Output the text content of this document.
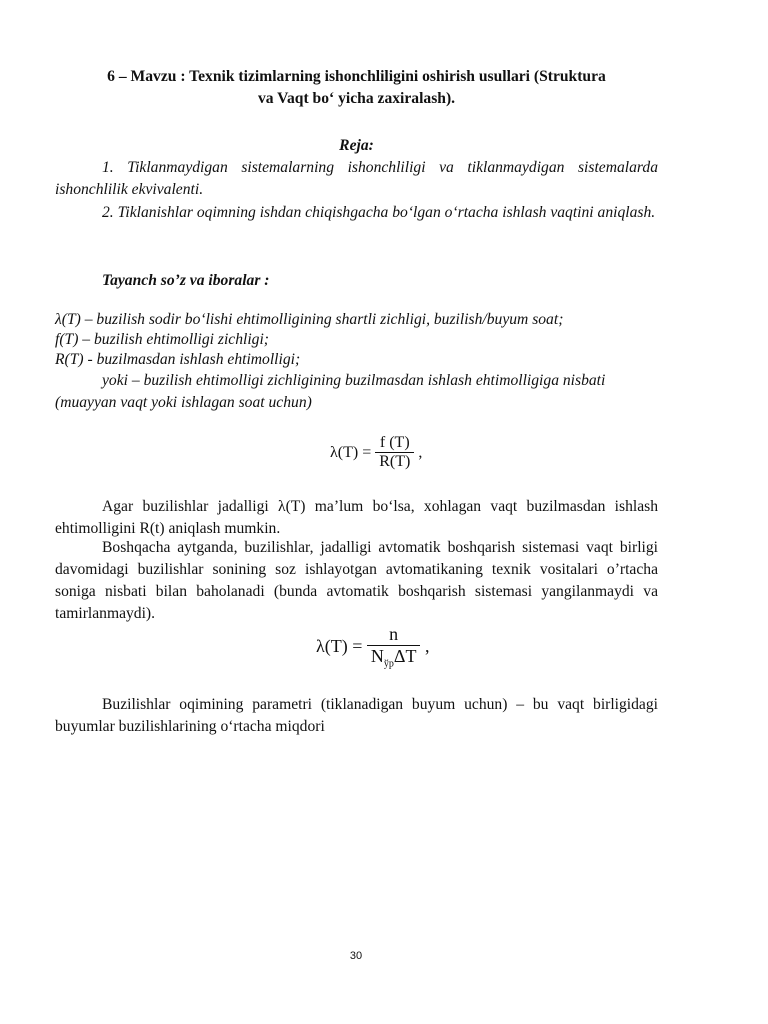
6 – Mavzu : Texnik tizimlarning ishonchliligini oshirish usullari (Struktura
va Vaqt bo‘ yicha zaxiralash).
Reja:

1. Tiklanmaydigan sistemalarning ishonchliligi va tiklanmaydigan sistemalarda ishonchlilik ekvivalenti.

2. Tiklanishlar oqimning ishdan chiqishgacha bo‘lgan o‘rtacha ishlash vaqtini aniqlash.

Tayanch so’z va iboralar :
λ(T) – buzilish sodir bo‘lishi ehtimolligining shartli zichligi, buzilish/buyum soat;
f(T) – buzilish ehtimolligi zichligi;
R(T) - buzilmasdan ishlash ehtimolligi;

yoki – buzilish ehtimolligi zichligining buzilmasdan ishlash ehtimolligiga nisbati (muayyan vaqt yoki ishlagan soat uchun)

$\lambda(T) = \frac{f (T)}{R(T)}$ ,

Agar buzilishlar jadalligi λ(T) ma’lum bo‘lsa, xohlagan vaqt buzilmasdan ishlash ehtimolligini R(t) aniqlash mumkin.

Boshqacha aytganda, buzilishlar, jadalligi avtomatik boshqarish sistemasi vaqt birligi davomidagi buzilishlar sonining soz ishlayotgan avtomatikaning texnik vositalari o’rtacha soniga nisbati bilan baholanadi (bunda avtomatik boshqarish sistemasi yangilanmaydi va tamirlanmaydi).

$\lambda(T) = \frac{n}{N_{ўр}\Delta T}$ ,

Buzilishlar oqimining parametri (tiklanadigan buyum uchun) – bu vaqt birligidagi buyumlar buzilishlarining o‘rtacha miqdori

30
